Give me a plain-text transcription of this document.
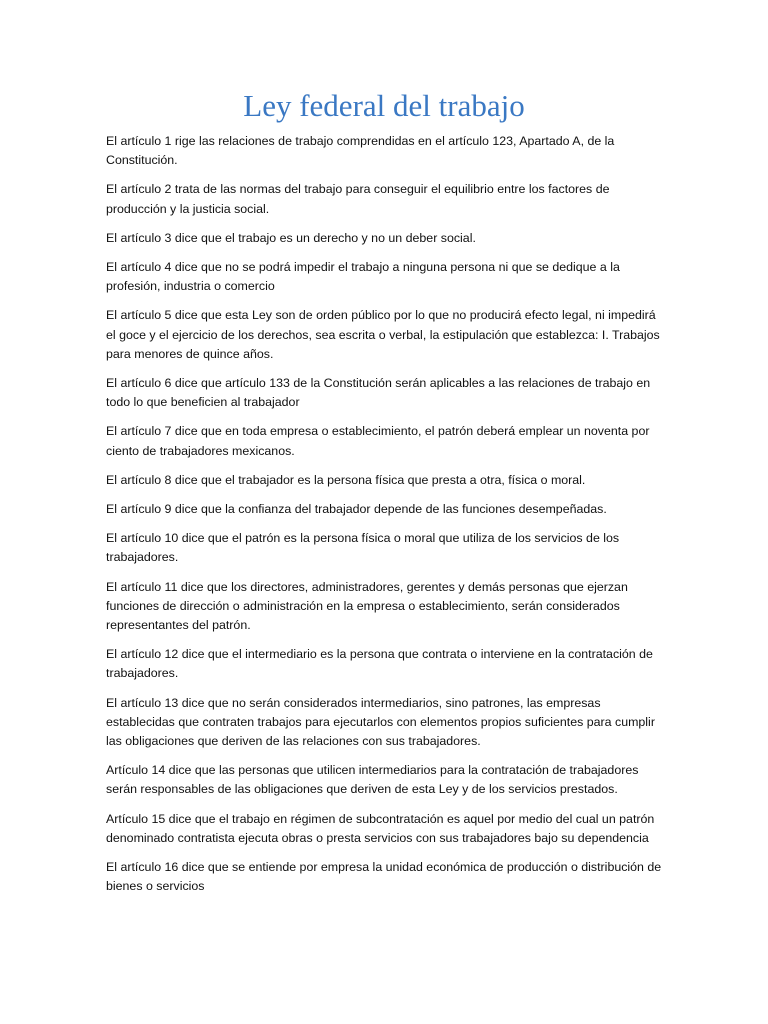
Ley federal del trabajo

El artículo 1 rige las relaciones de trabajo comprendidas en el artículo 123, Apartado A, de la Constitución.

El artículo 2 trata de las normas del trabajo para conseguir el equilibrio entre los factores de producción y la justicia social.

El artículo 3 dice que el trabajo es un derecho y no un deber social.

El artículo 4 dice que no se podrá impedir el trabajo a ninguna persona ni que se dedique a la profesión, industria o comercio

El artículo 5 dice que esta Ley son de orden público por lo que no producirá efecto legal, ni impedirá el goce y el ejercicio de los derechos, sea escrita o verbal, la estipulación que establezca: I. Trabajos para menores de quince años.

El artículo 6 dice que artículo 133 de la Constitución serán aplicables a las relaciones de trabajo en todo lo que beneficien al trabajador

El artículo 7 dice que en toda empresa o establecimiento, el patrón deberá emplear un noventa por ciento de trabajadores mexicanos.

El artículo 8 dice que el trabajador es la persona física que presta a otra, física o moral.

El artículo 9 dice que la confianza del trabajador depende de las funciones desempeñadas.

El artículo 10 dice que el patrón es la persona física o moral que utiliza de los servicios de los trabajadores.

El artículo 11 dice que los directores, administradores, gerentes y demás personas que ejerzan funciones de dirección o administración en la empresa o establecimiento, serán considerados representantes del patrón.

El artículo 12 dice que el intermediario es la persona que contrata o interviene en la contratación de trabajadores.

El artículo 13 dice que no serán considerados intermediarios, sino patrones, las empresas establecidas que contraten trabajos para ejecutarlos con elementos propios suficientes para cumplir las obligaciones que deriven de las relaciones con sus trabajadores.

Artículo 14 dice que las personas que utilicen intermediarios para la contratación de trabajadores serán responsables de las obligaciones que deriven de esta Ley y de los servicios prestados.

Artículo 15 dice que el trabajo en régimen de subcontratación es aquel por medio del cual un patrón denominado contratista ejecuta obras o presta servicios con sus trabajadores bajo su dependencia

El artículo 16 dice que se entiende por empresa la unidad económica de producción o distribución de bienes o servicios
